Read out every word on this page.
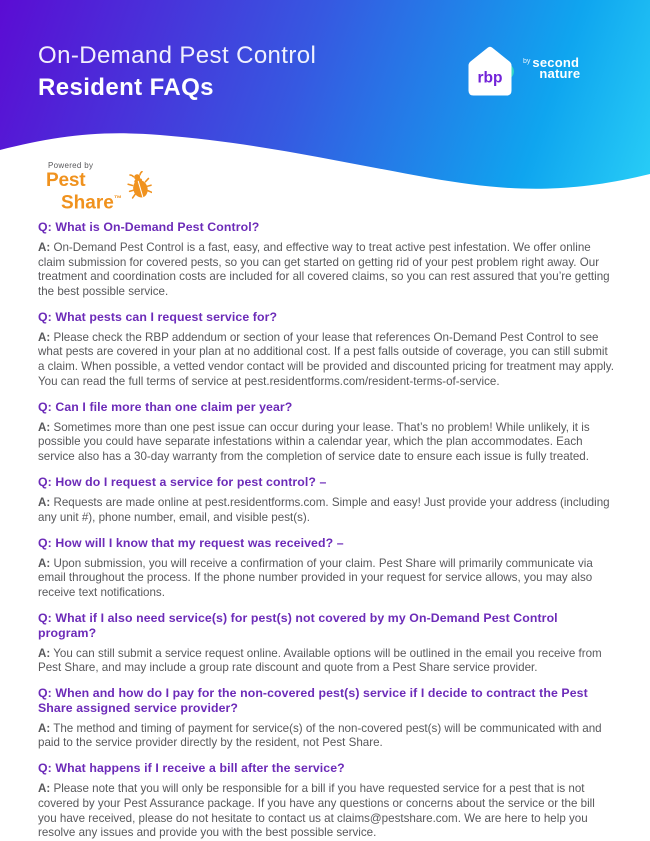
On-Demand Pest Control
Resident FAQs	rbp
by second
nature
Powered by
Pest
Share™
Q: What is On-Demand Pest Control?

A: On-Demand Pest Control is a fast, easy, and effective way to treat active pest infestation. We offer online claim submission for covered pests, so you can get started on getting rid of your pest problem right away. Our treatment and coordination costs are included for all covered claims, so you can rest assured that you’re getting the best possible service.

Q: What pests can I request service for?

A: Please check the RBP addendum or section of your lease that references On-Demand Pest Control to see what pests are covered in your plan at no additional cost. If a pest falls outside of coverage, you can still submit a claim. When possible, a vetted vendor contact will be provided and discounted pricing for treatment may apply. You can read the full terms of service at pest.residentforms.com/resident-terms-of-service.

Q: Can I file more than one claim per year?

A: Sometimes more than one pest issue can occur during your lease. That’s no problem! While unlikely, it is possible you could have separate infestations within a calendar year, which the plan accommodates. Each service also has a 30-day warranty from the completion of service date to ensure each issue is fully treated.

Q: How do I request a service for pest control? –

A: Requests are made online at pest.residentforms.com. Simple and easy! Just provide your address (including any unit #), phone number, email, and visible pest(s).

Q: How will I know that my request was received? –

A: Upon submission, you will receive a confirmation of your claim. Pest Share will primarily communicate via email throughout the process. If the phone number provided in your request for service allows, you may also receive text notifications.

Q: What if I also need service(s) for pest(s) not covered by my On-Demand Pest Control program?

A: You can still submit a service request online. Available options will be outlined in the email you receive from Pest Share, and may include a group rate discount and quote from a Pest Share service provider.

Q: When and how do I pay for the non-covered pest(s) service if I decide to contract the Pest Share assigned service provider?

A: The method and timing of payment for service(s) of the non-covered pest(s) will be communicated with and paid to the service provider directly by the resident, not Pest Share.

Q: What happens if I receive a bill after the service?

A: Please note that you will only be responsible for a bill if you have requested service for a pest that is not covered by your Pest Assurance package. If you have any questions or concerns about the service or the bill you have received, please do not hesitate to contact us at claims@pestshare.com. We are here to help you resolve any issues and provide you with the best possible service.
